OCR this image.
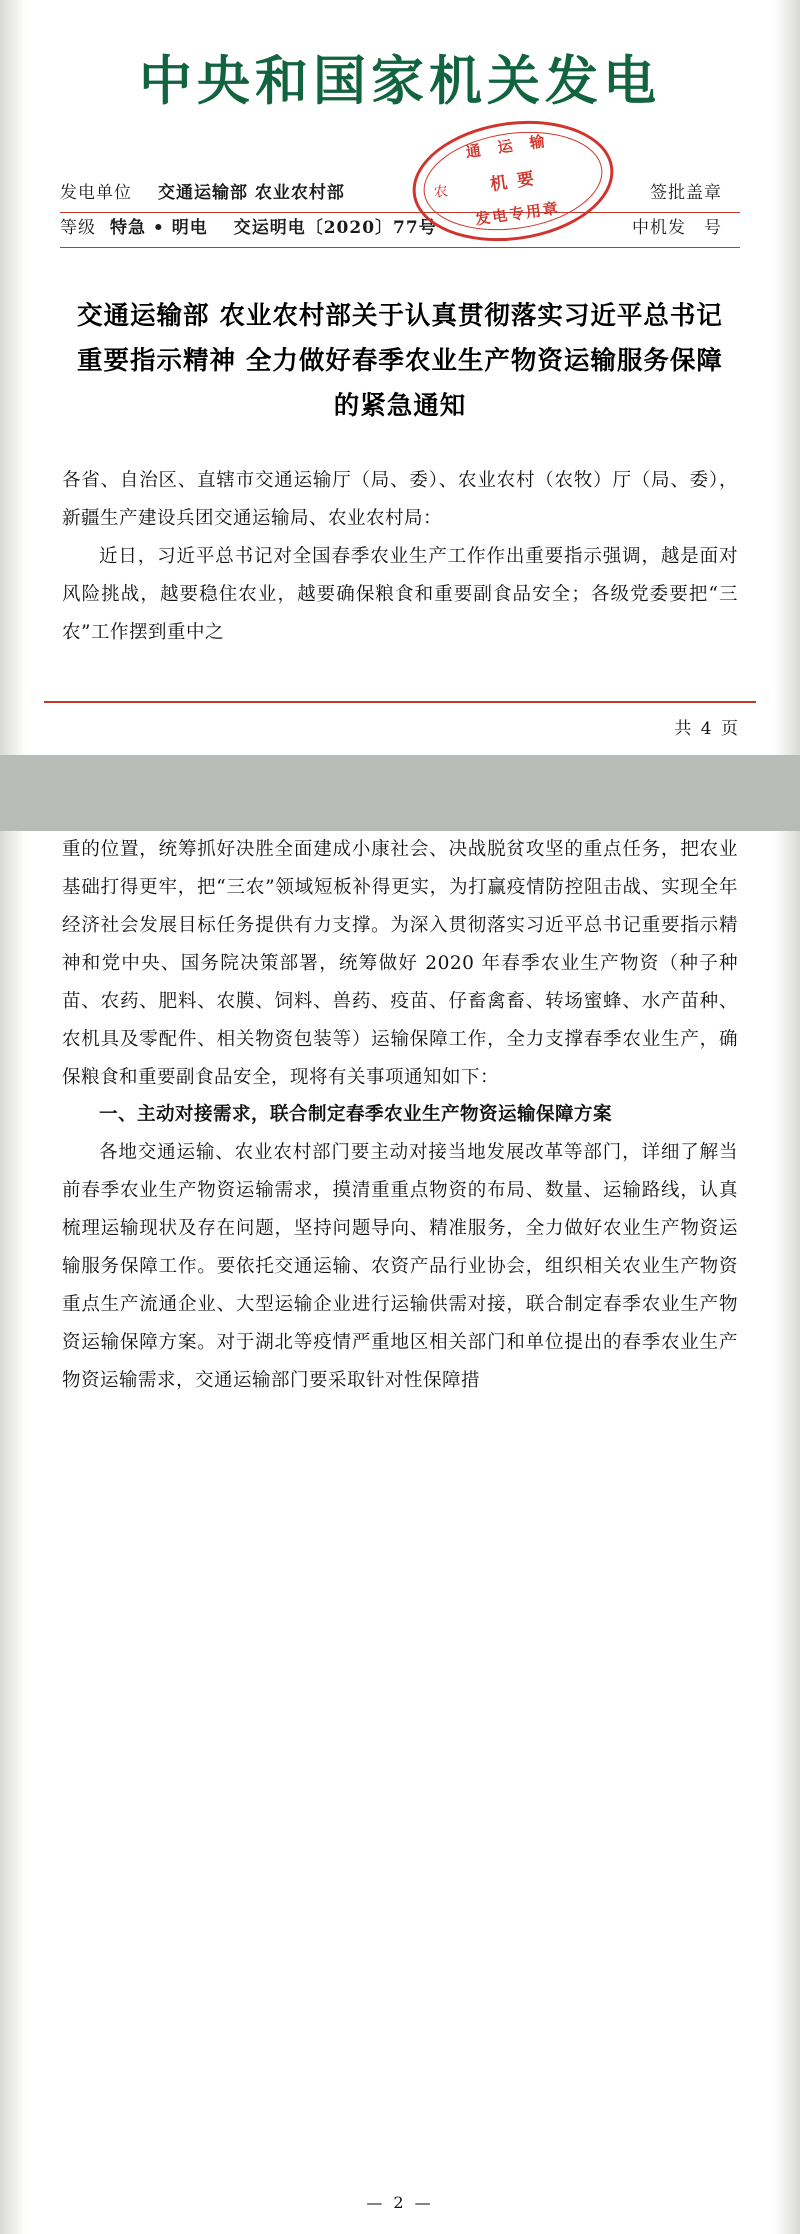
中央和国家机关发电
农
通 运 输
机 要
发电专用章
发电单位 交通运输部 农业农村部	签批盖章
等级 特急 • 明电 交运明电〔2020〕77号	中机发　号
交通运输部 农业农村部关于认真贯彻落实习近平总书记重要指示精神 全力做好春季农业生产物资运输服务保障的紧急通知

各省、自治区、直辖市交通运输厅（局、委）、农业农村（农牧）厅（局、委），新疆生产建设兵团交通运输局、农业农村局：

近日，习近平总书记对全国春季农业生产工作作出重要指示强调，越是面对风险挑战，越要稳住农业，越要确保粮食和重要副食品安全；各级党委要把“三农”工作摆到重中之

共 4 页

重的位置，统筹抓好决胜全面建成小康社会、决战脱贫攻坚的重点任务，把农业基础打得更牢，把“三农”领域短板补得更实，为打赢疫情防控阻击战、实现全年经济社会发展目标任务提供有力支撑。为深入贯彻落实习近平总书记重要指示精神和党中央、国务院决策部署，统筹做好 2020 年春季农业生产物资（种子种苗、农药、肥料、农膜、饲料、兽药、疫苗、仔畜禽畜、转场蜜蜂、水产苗种、农机具及零配件、相关物资包装等）运输保障工作，全力支撑春季农业生产，确保粮食和重要副食品安全，现将有关事项通知如下：

一、主动对接需求，联合制定春季农业生产物资运输保障方案

各地交通运输、农业农村部门要主动对接当地发展改革等部门，详细了解当前春季农业生产物资运输需求，摸清重重点物资的布局、数量、运输路线，认真梳理运输现状及存在问题，坚持问题导向、精准服务，全力做好农业生产物资运输服务保障工作。要依托交通运输、农资产品行业协会，组织相关农业生产物资重点生产流通企业、大型运输企业进行运输供需对接，联合制定春季农业生产物资运输保障方案。对于湖北等疫情严重地区相关部门和单位提出的春季农业生产物资运输需求，交通运输部门要采取针对性保障措

— 2 —
